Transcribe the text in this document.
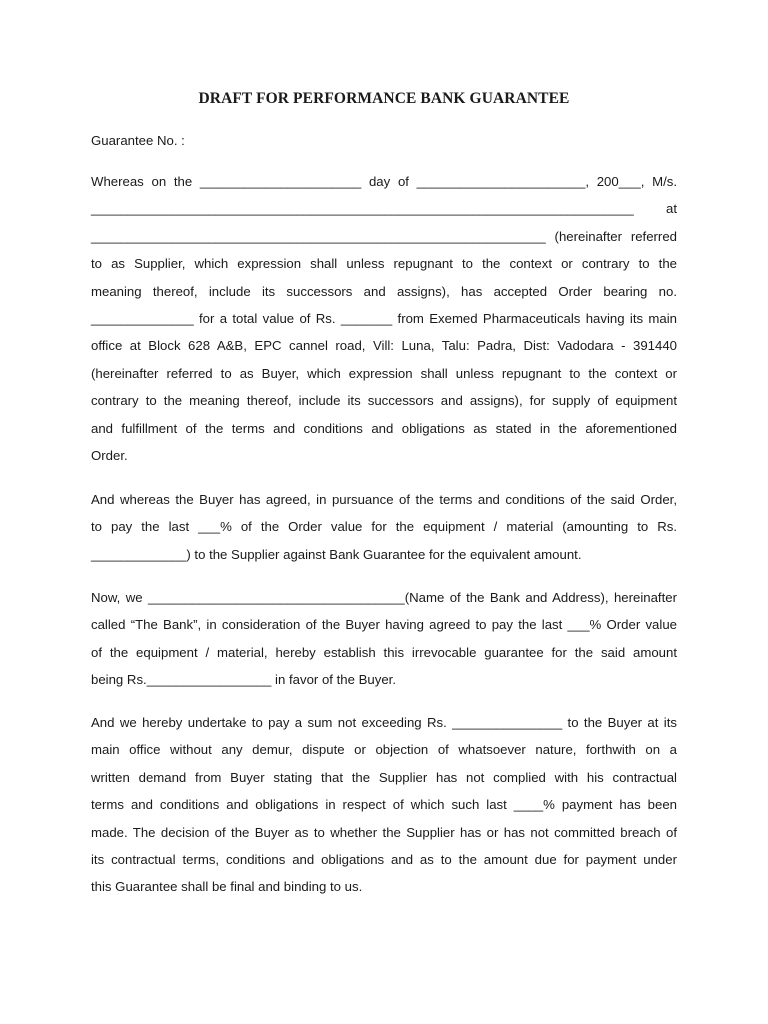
DRAFT FOR PERFORMANCE BANK GUARANTEE
Guarantee No. :
Whereas on the ______________________ day of _______________________, 200___, M/s.
__________________________________________________________________________ at
______________________________________________________________ (hereinafter referred
to as Supplier, which expression shall unless repugnant to the context or contrary to the
meaning thereof, include its successors and assigns), has accepted Order bearing no.
______________ for a total value of Rs. _______ from Exemed Pharmaceuticals having its main
office at Block 628 A&B, EPC cannel road, Vill: Luna, Talu: Padra, Dist: Vadodara - 391440
(hereinafter referred to as Buyer, which expression shall unless repugnant to the context or
contrary to the meaning thereof, include its successors and assigns), for supply of equipment
and fulfillment of the terms and conditions and obligations as stated in the aforementioned
Order.
And whereas the Buyer has agreed, in pursuance of the terms and conditions of the said Order,
to pay the last ___% of the Order value for the equipment / material (amounting to Rs.
_____________) to the Supplier against Bank Guarantee for the equivalent amount.
Now, we ___________________________________(Name of the Bank and Address), hereinafter
called “The Bank”, in consideration of the Buyer having agreed to pay the last ___% Order value
of the equipment / material, hereby establish this irrevocable guarantee for the said amount
being Rs._________________ in favor of the Buyer.
And we hereby undertake to pay a sum not exceeding Rs. _______________ to the Buyer at its
main office without any demur, dispute or objection of whatsoever nature, forthwith on a
written demand from Buyer stating that the Supplier has not complied with his contractual
terms and conditions and obligations in respect of which such last ____% payment has been
made. The decision of the Buyer as to whether the Supplier has or has not committed breach of
its contractual terms, conditions and obligations and as to the amount due for payment under
this Guarantee shall be final and binding to us.
